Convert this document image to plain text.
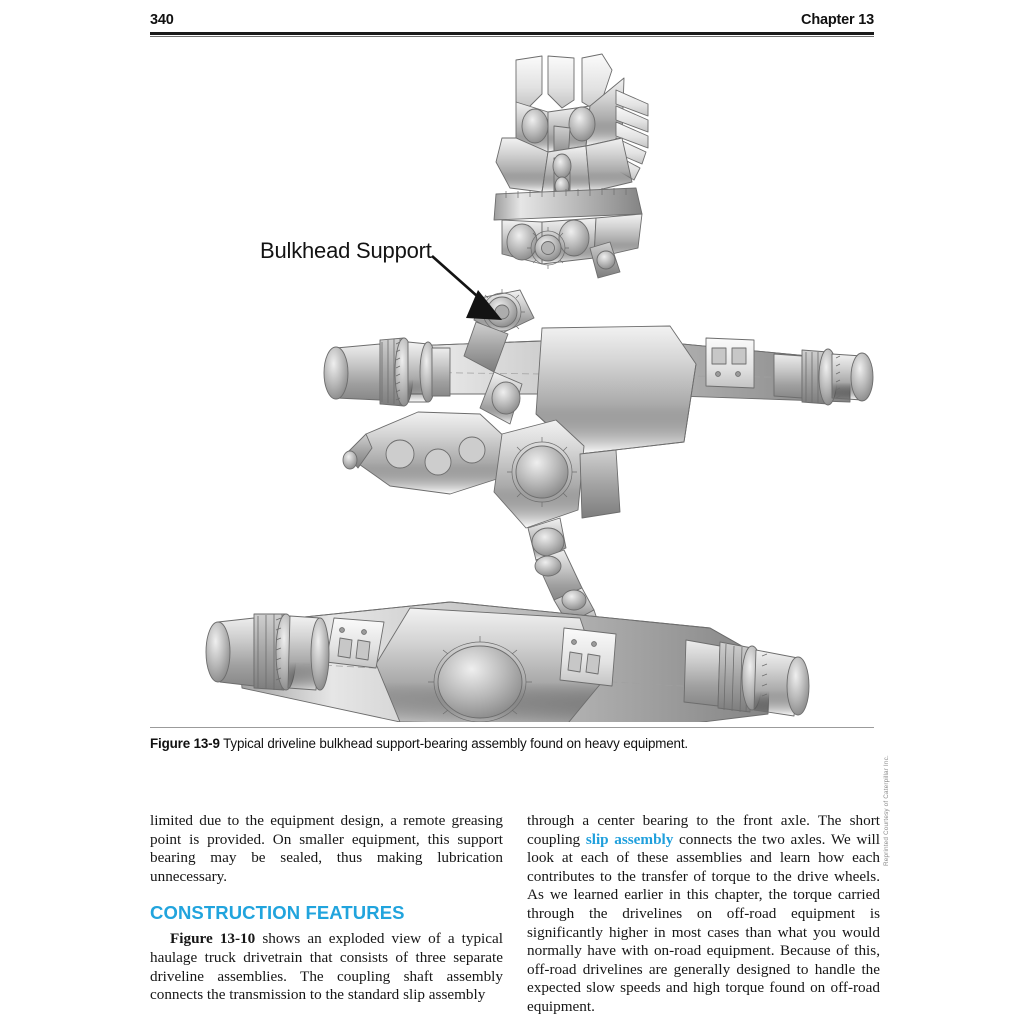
340	Chapter 13
Bulkhead Support
Reprinted Courtesy of Caterpillar Inc.
Figure 13-9 Typical driveline bulkhead support-bearing assembly found on heavy equipment.

limited due to the equipment design, a remote greasing point is provided. On smaller equipment, this support bearing may be sealed, thus making lubrication unnecessary.

CONSTRUCTION FEATURES

Figure 13-10 shows an exploded view of a typical haulage truck drivetrain that consists of three separate driveline assemblies. The coupling shaft assembly connects the transmission to the standard slip assembly

through a center bearing to the front axle. The short coupling slip assembly connects the two axles. We will look at each of these assemblies and learn how each contributes to the transfer of torque to the drive wheels. As we learned earlier in this chapter, the torque carried through the drivelines on off-road equipment is significantly higher in most cases than what you would normally have with on-road equipment. Because of this, off-road drivelines are generally designed to handle the expected slow speeds and high torque found on off-road equipment.
